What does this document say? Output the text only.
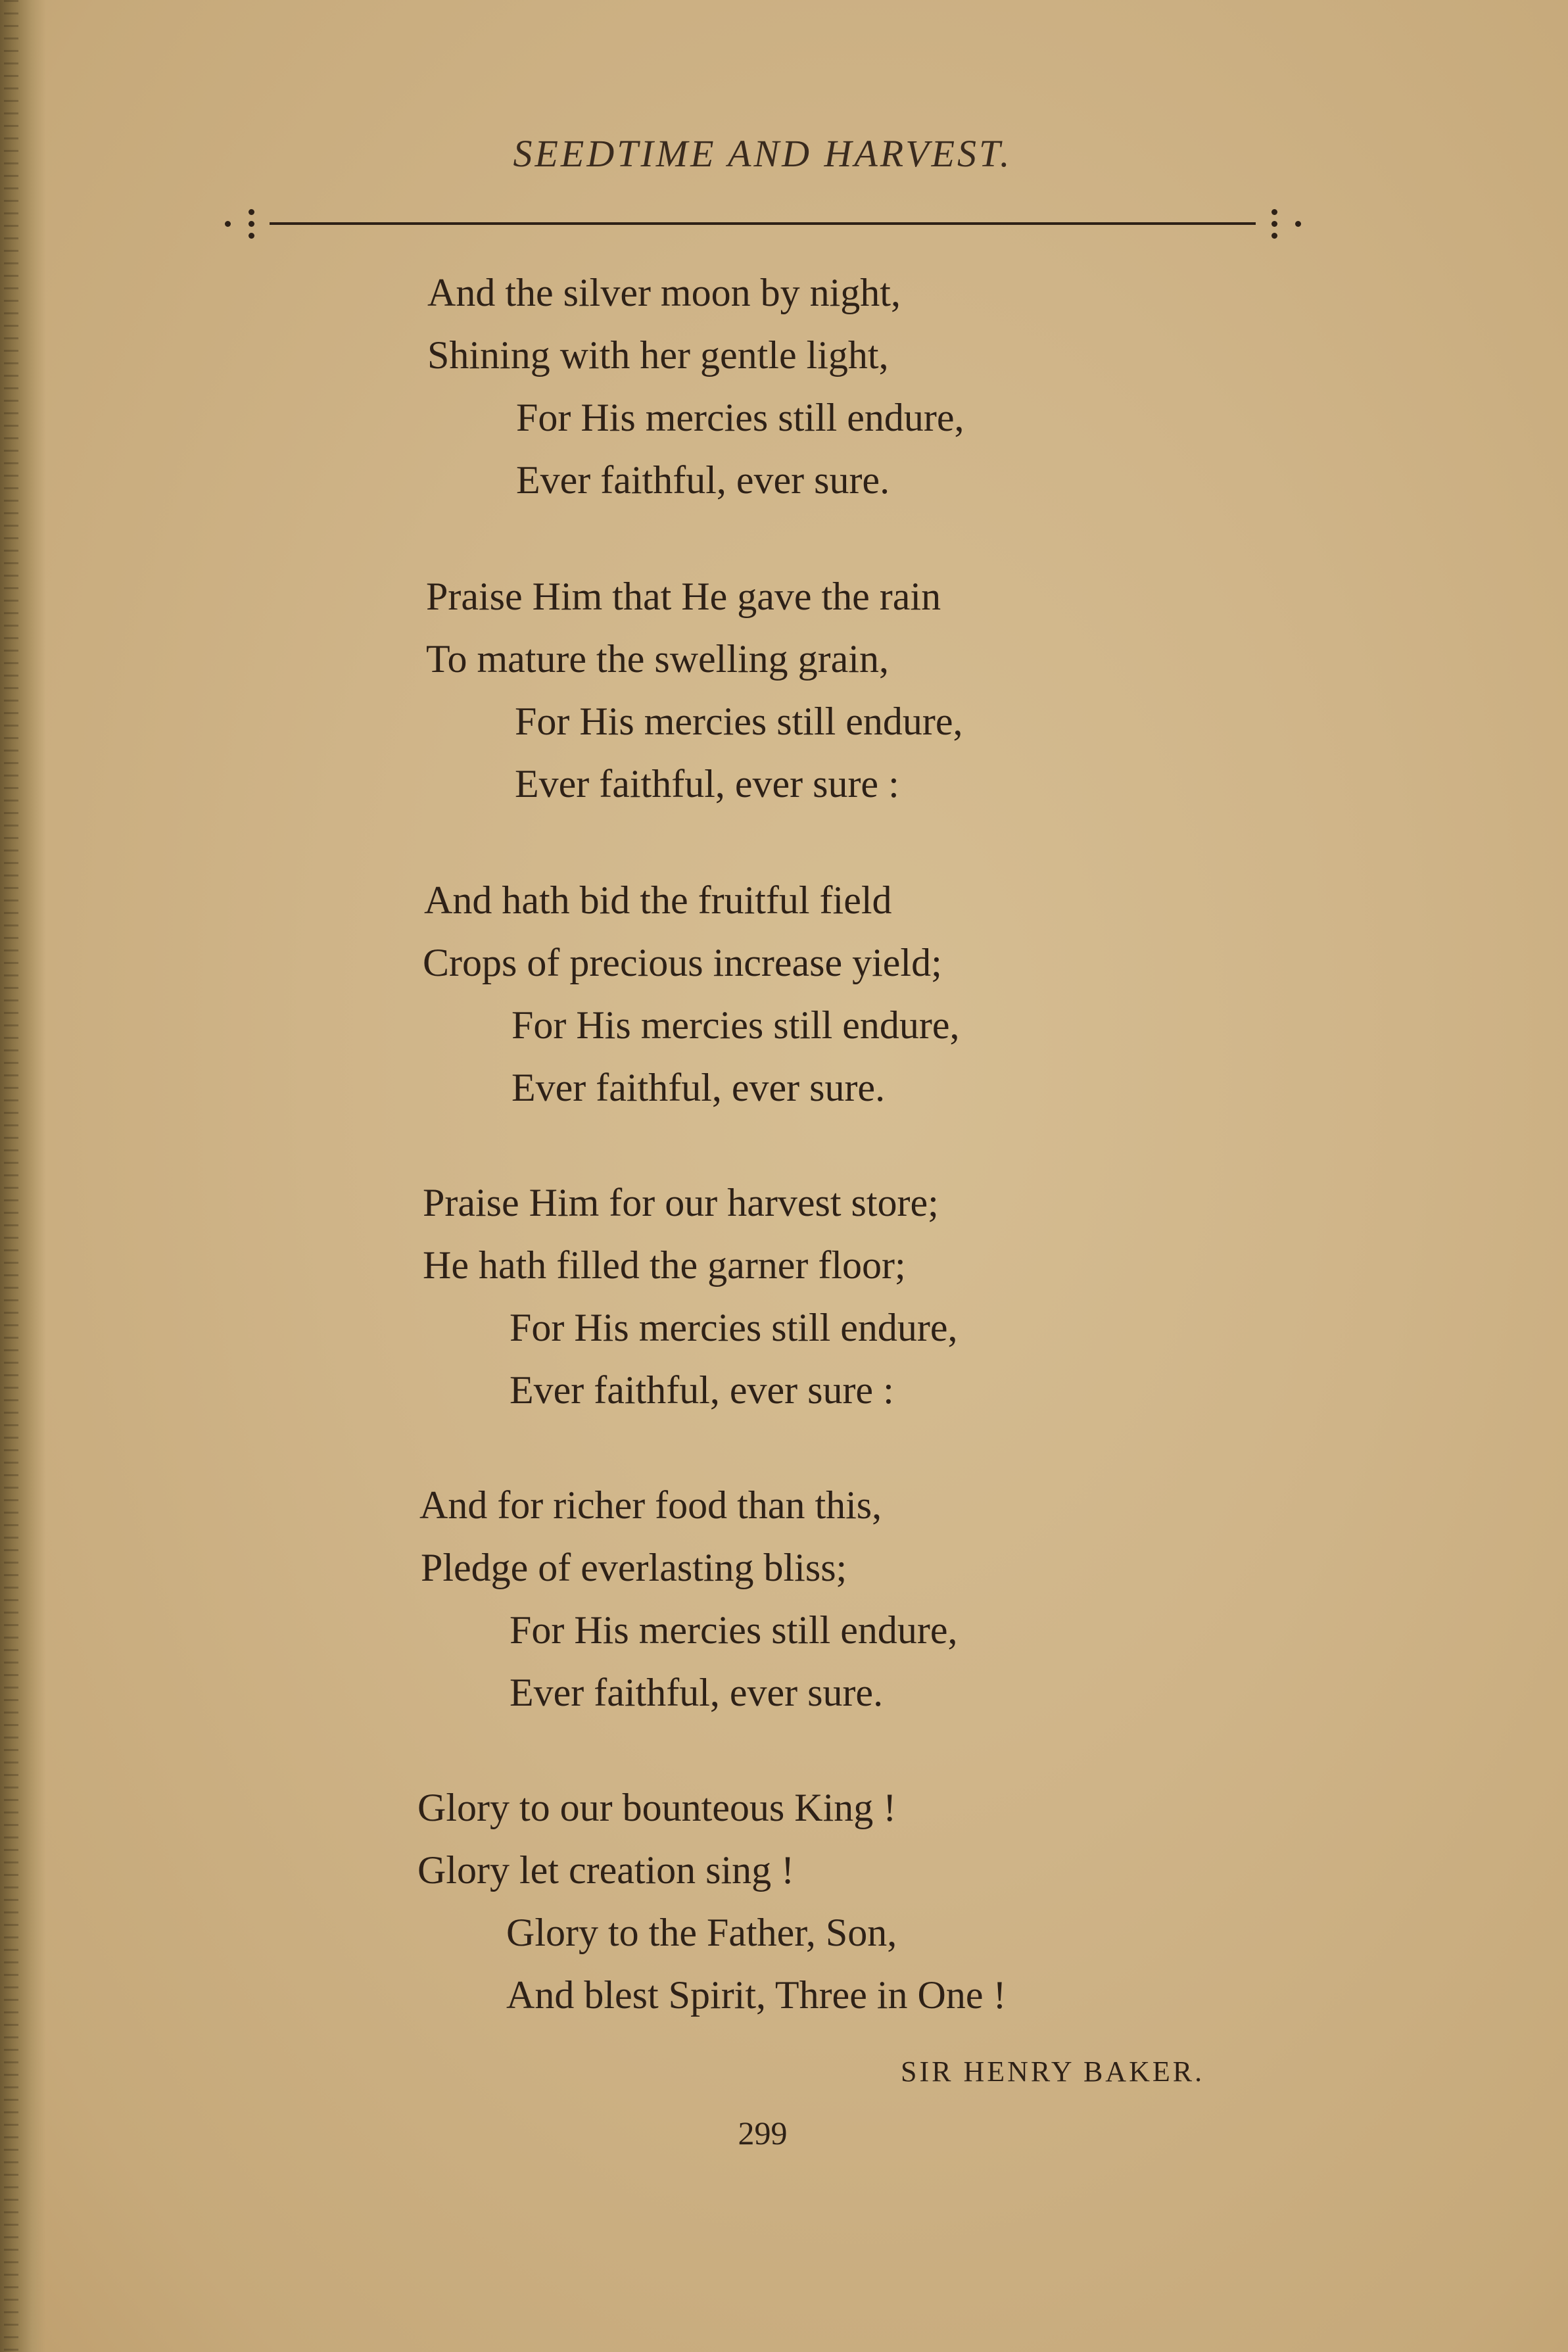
SEEDTIME AND HARVEST.
And the silver moon by night,
Shining with her gentle light,
For His mercies still endure,
Ever faithful, ever sure.
Praise Him that He gave the rain
To mature the swelling grain,
For His mercies still endure,
Ever faithful, ever sure :
And hath bid the fruitful field
Crops of precious increase yield;
For His mercies still endure,
Ever faithful, ever sure.
Praise Him for our harvest store;
He hath filled the garner floor;
For His mercies still endure,
Ever faithful, ever sure :
And for richer food than this,
Pledge of everlasting bliss;
For His mercies still endure,
Ever faithful, ever sure.
Glory to our bounteous King !
Glory let creation sing !
Glory to the Father, Son,
And blest Spirit, Three in One !
SIR HENRY BAKER.
299
